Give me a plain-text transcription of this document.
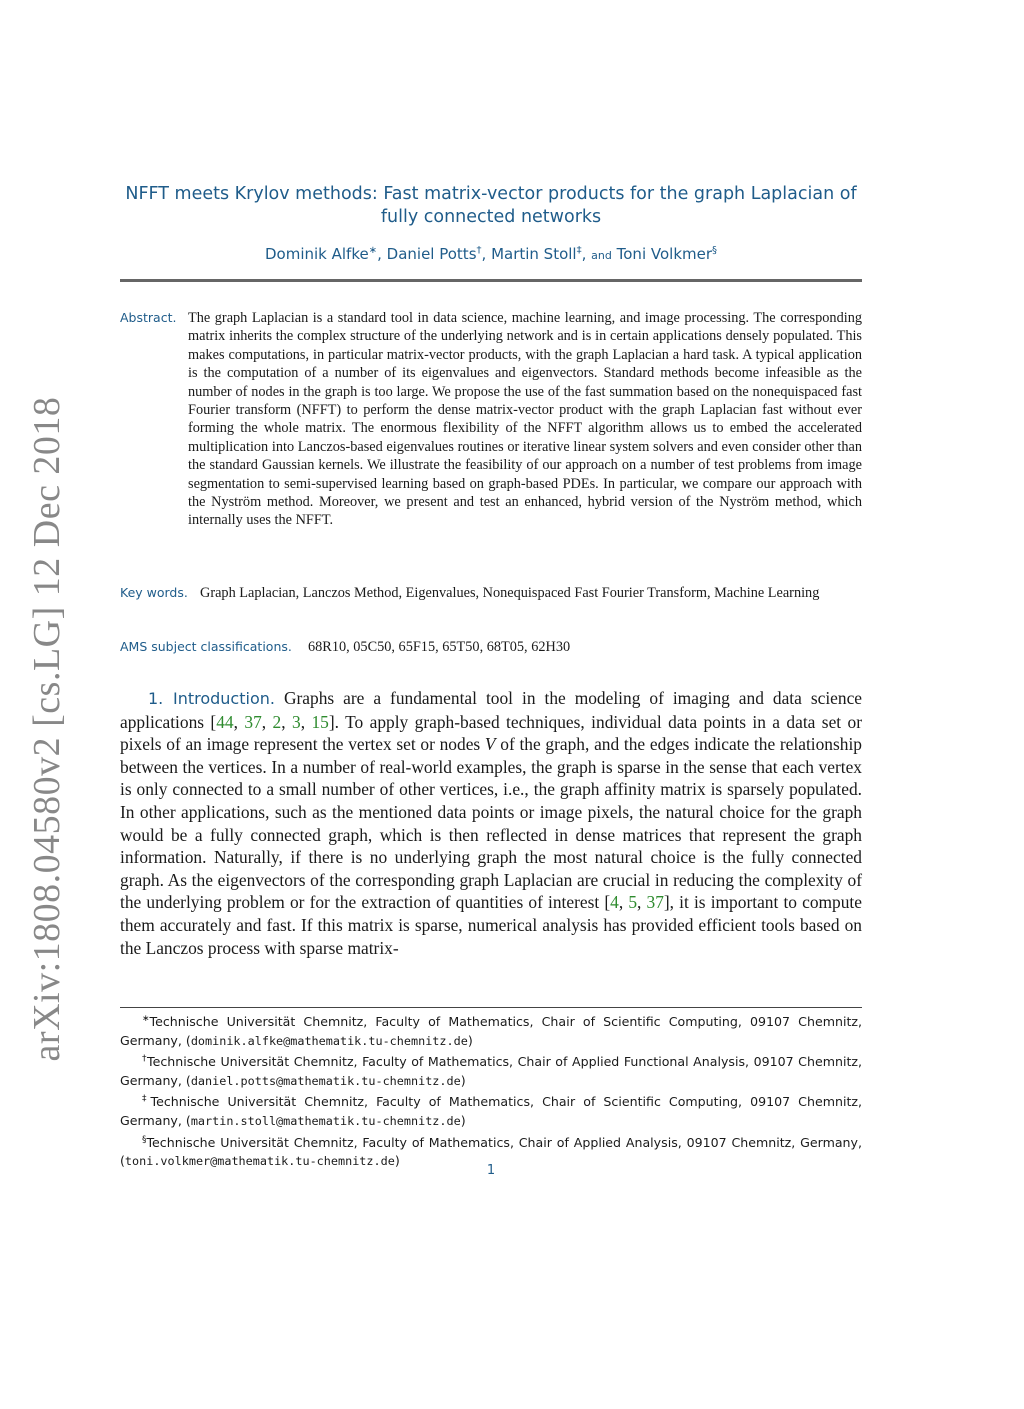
arXiv:1808.04580v2 [cs.LG] 12 Dec 2018
NFFT meets Krylov methods: Fast matrix-vector products for the graph Laplacian of fully connected networks
Dominik Alfke∗, Daniel Potts†, Martin Stoll‡, and Toni Volkmer§
Abstract. The graph Laplacian is a standard tool in data science, machine learning, and image processing. The corresponding matrix inherits the complex structure of the underlying network and is in certain applications densely populated. This makes computations, in particular matrix-vector products, with the graph Laplacian a hard task. A typical application is the computation of a number of its eigenvalues and eigenvectors. Standard methods become infeasible as the number of nodes in the graph is too large. We propose the use of the fast summation based on the nonequispaced fast Fourier transform (NFFT) to perform the dense matrix-vector product with the graph Laplacian fast without ever forming the whole matrix. The enormous flexibility of the NFFT algorithm allows us to embed the accelerated multiplication into Lanczos-based eigenvalues routines or iterative linear system solvers and even consider other than the standard Gaussian kernels. We illustrate the feasibility of our approach on a number of test problems from image segmentation to semi-supervised learning based on graph-based PDEs. In particular, we compare our approach with the Nyström method. Moreover, we present and test an enhanced, hybrid version of the Nyström method, which internally uses the NFFT.
Key words. Graph Laplacian, Lanczos Method, Eigenvalues, Nonequispaced Fast Fourier Transform, Machine Learning
AMS subject classifications. 68R10, 05C50, 65F15, 65T50, 68T05, 62H30
1. Introduction. Graphs are a fundamental tool in the modeling of imaging and data science applications [44, 37, 2, 3, 15]. To apply graph-based techniques, individual data points in a data set or pixels of an image represent the vertex set or nodes V of the graph, and the edges indicate the relationship between the vertices. In a number of real-world examples, the graph is sparse in the sense that each vertex is only connected to a small number of other vertices, i.e., the graph affinity matrix is sparsely populated. In other applications, such as the mentioned data points or image pixels, the natural choice for the graph would be a fully connected graph, which is then reflected in dense matrices that represent the graph information. Naturally, if there is no underlying graph the most natural choice is the fully connected graph. As the eigenvectors of the corresponding graph Laplacian are crucial in reducing the complexity of the underlying problem or for the extraction of quantities of interest [4, 5, 37], it is important to compute them accurately and fast. If this matrix is sparse, numerical analysis has provided efficient tools based on the Lanczos process with sparse matrix-
∗Technische Universität Chemnitz, Faculty of Mathematics, Chair of Scientific Computing, 09107 Chemnitz, Germany, (dominik.alfke@mathematik.tu-chemnitz.de)
†Technische Universität Chemnitz, Faculty of Mathematics, Chair of Applied Functional Analysis, 09107 Chemnitz, Germany, (daniel.potts@mathematik.tu-chemnitz.de)
‡Technische Universität Chemnitz, Faculty of Mathematics, Chair of Scientific Computing, 09107 Chemnitz, Germany, (martin.stoll@mathematik.tu-chemnitz.de)
§Technische Universität Chemnitz, Faculty of Mathematics, Chair of Applied Analysis, 09107 Chemnitz, Germany, (toni.volkmer@mathematik.tu-chemnitz.de)
1
